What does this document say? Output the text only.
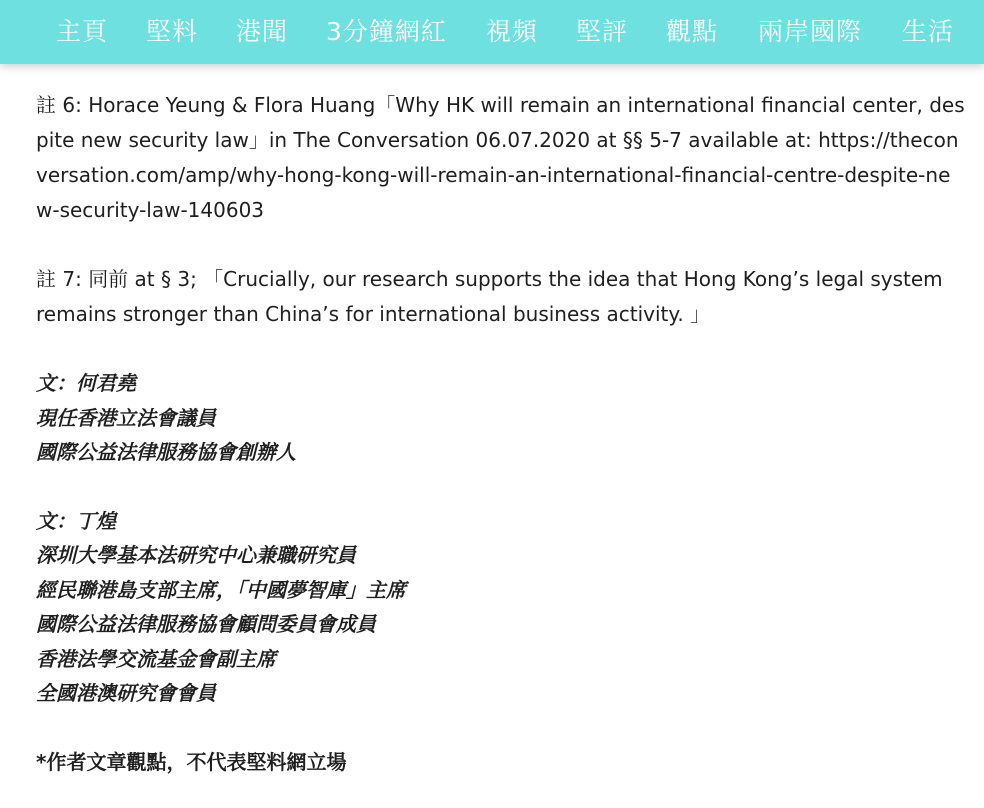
主頁 堅料 港聞 3分鐘網紅 視頻 堅評 觀點 兩岸國際 生活

註 6: Horace Yeung & Flora Huang「Why HK will remain an international financial center, despite new security law」in The Conversation 06.07.2020 at §§ 5-7 available at: https://theconversation.com/amp/why-hong-kong-will-remain-an-international-financial-centre-despite-new-security-law-140603

註 7: 同前 at § 3; 「Crucially, our research supports the idea that Hong Kong’s legal system remains stronger than China’s for international business activity. 」

文：何君堯
現任香港立法會議員
國際公益法律服務協會創辦人
文：丁煌
深圳大學基本法研究中心兼職研究員
經民聯港島支部主席，「中國夢智庫」主席
國際公益法律服務協會顧問委員會成員
香港法學交流基金會副主席
全國港澳研究會會員
*作者文章觀點，不代表堅料網立場
